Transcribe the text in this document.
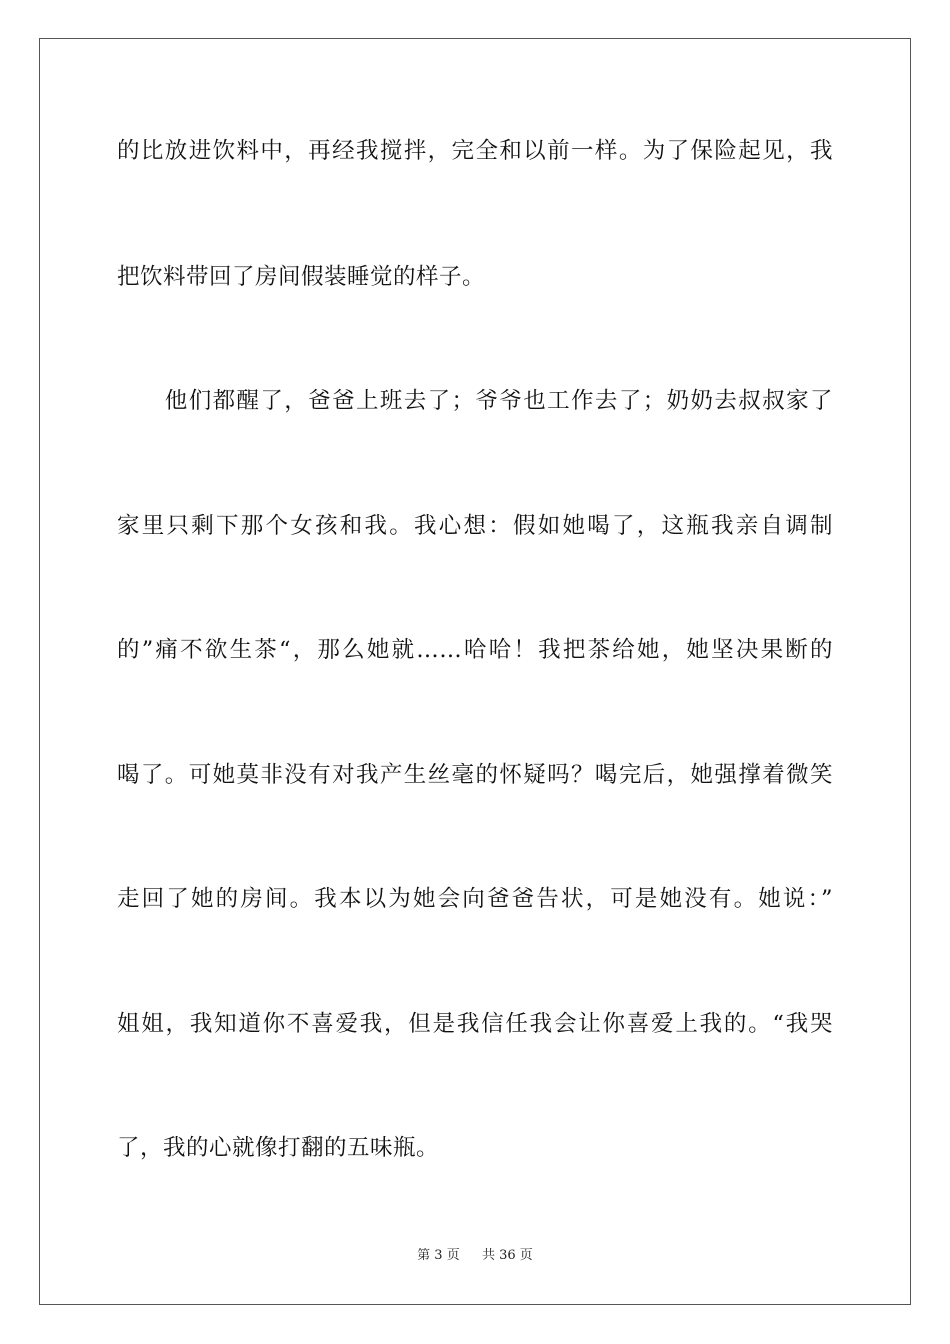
的比放进饮料中，再经我搅拌，完全和以前一样。为了保险起见，我
把饮料带回了房间假装睡觉的样子。
　　他们都醒了，爸爸上班去了；爷爷也工作去了；奶奶去叔叔家了
家里只剩下那个女孩和我。我心想：假如她喝了，这瓶我亲自调制
的”痛不欲生茶“，那么她就……哈哈！我把茶给她，她坚决果断的
喝了。可她莫非没有对我产生丝毫的怀疑吗？喝完后，她强撑着微笑
走回了她的房间。我本以为她会向爸爸告状，可是她没有。她说：”
姐姐，我知道你不喜爱我，但是我信任我会让你喜爱上我的。“我哭
了，我的心就像打翻的五味瓶。
第 3 页 共 36 页
